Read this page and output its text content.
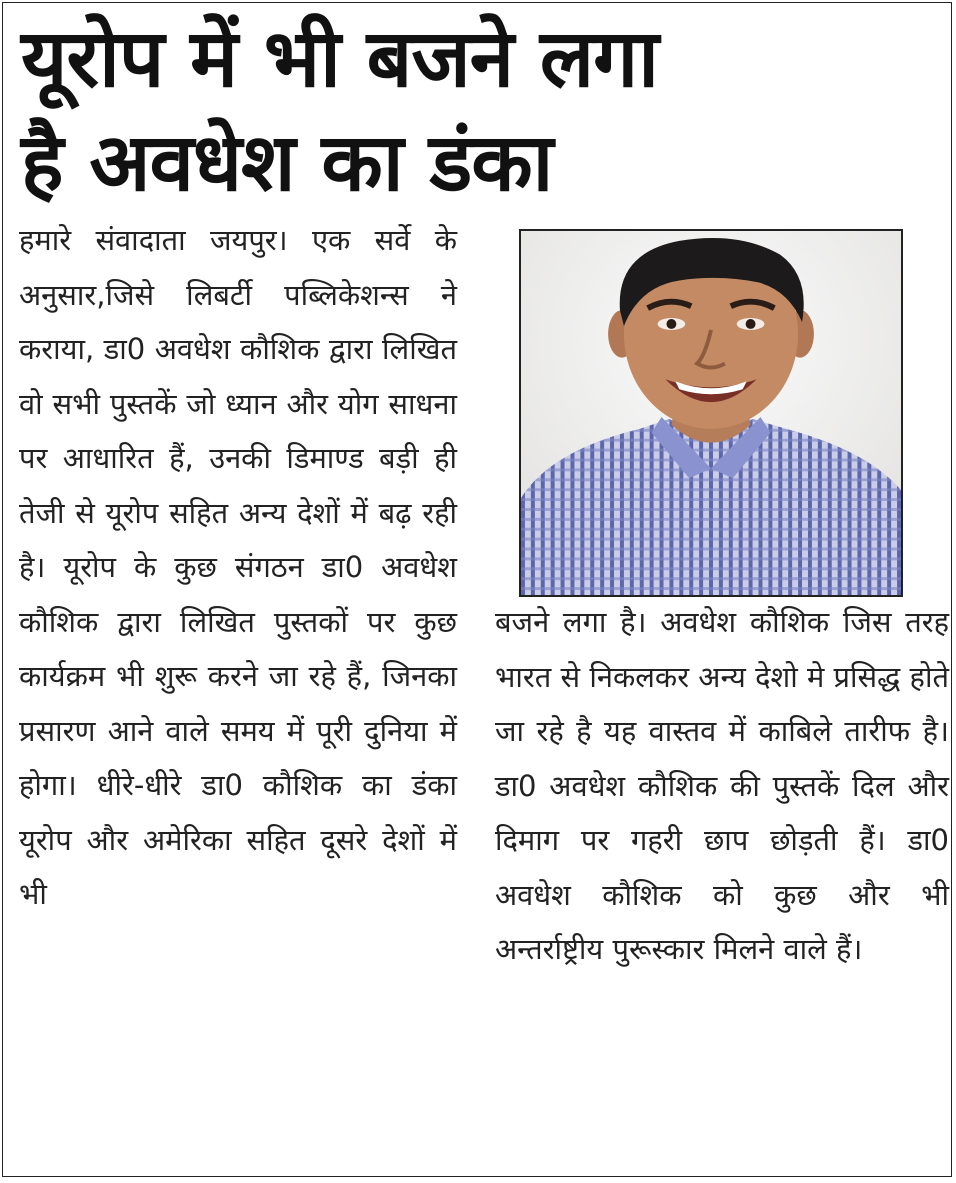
यूरोप में भी बजने लगा
है अवधेश का डंका

हमारे संवादाता जयपुर। एक सर्वे के अनुसार,जिसे लिबर्टी पब्लिकेशन्स ने कराया, डा0 अवधेश कौशिक द्वारा लिखित वो सभी पुस्तकें जो ध्यान और योग साधना पर आधारित हैं, उनकी डिमाण्ड बड़ी ही तेजी से यूरोप सहित अन्य देशों में बढ़ रही है। यूरोप के कुछ संगठन डा0 अवधेश कौशिक द्वारा लिखित पुस्तकों पर कुछ कार्यक्रम भी शुरू करने जा रहे हैं, जिनका प्रसारण आने वाले समय में पूरी दुनिया में होगा। धीरे-धीरे डा0 कौशिक का डंका यूरोप और अमेरिका सहित दूसरे देशों में भी

बजने लगा है। अवधेश कौशिक जिस तरह भारत से निकलकर अन्य देशो मे प्रसिद्ध होते जा रहे है यह वास्तव में काबिले तारीफ है। डा0 अवधेश कौशिक की पुस्तकें दिल और दिमाग पर गहरी छाप छोड़ती हैं। डा0 अवधेश कौशिक को कुछ और भी अन्तर्राष्ट्रीय पुरूस्कार मिलने वाले हैं।
